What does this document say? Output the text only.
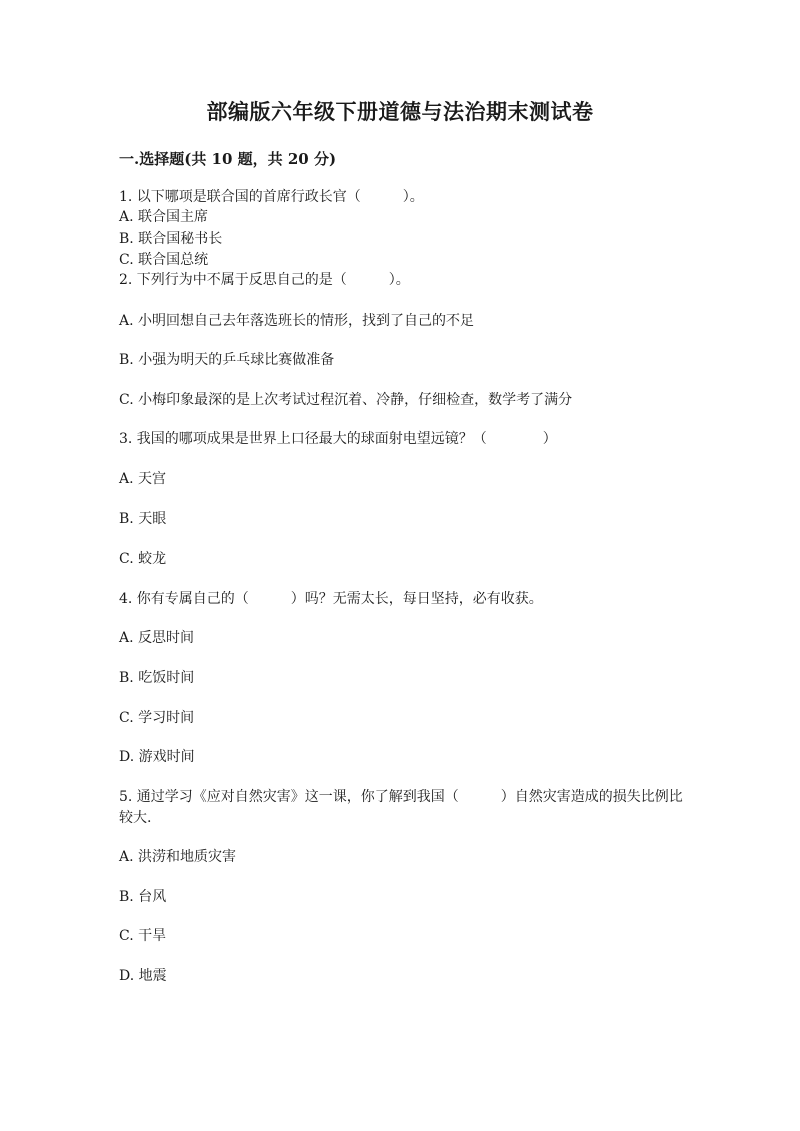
部编版六年级下册道德与法治期末测试卷
一.选择题(共 10 题，共 20 分)
1. 以下哪项是联合国的首席行政长官（　　　）。
A. 联合国主席
B. 联合国秘书长
C. 联合国总统
2. 下列行为中不属于反思自己的是（　　　）。
A. 小明回想自己去年落选班长的情形，找到了自己的不足
B. 小强为明天的乒乓球比赛做准备
C. 小梅印象最深的是上次考试过程沉着、冷静，仔细检查，数学考了满分
3. 我国的哪项成果是世界上口径最大的球面射电望远镜？（　　　　）
A. 天宫
B. 天眼
C. 蛟龙
4. 你有专属自己的（　　　）吗？无需太长，每日坚持，必有收获。
A. 反思时间
B. 吃饭时间
C. 学习时间
D. 游戏时间
5. 通过学习《应对自然灾害》这一课，你了解到我国（　　　）自然灾害造成的损失比例比较大.
A. 洪涝和地质灾害
B. 台风
C. 干旱
D. 地震
